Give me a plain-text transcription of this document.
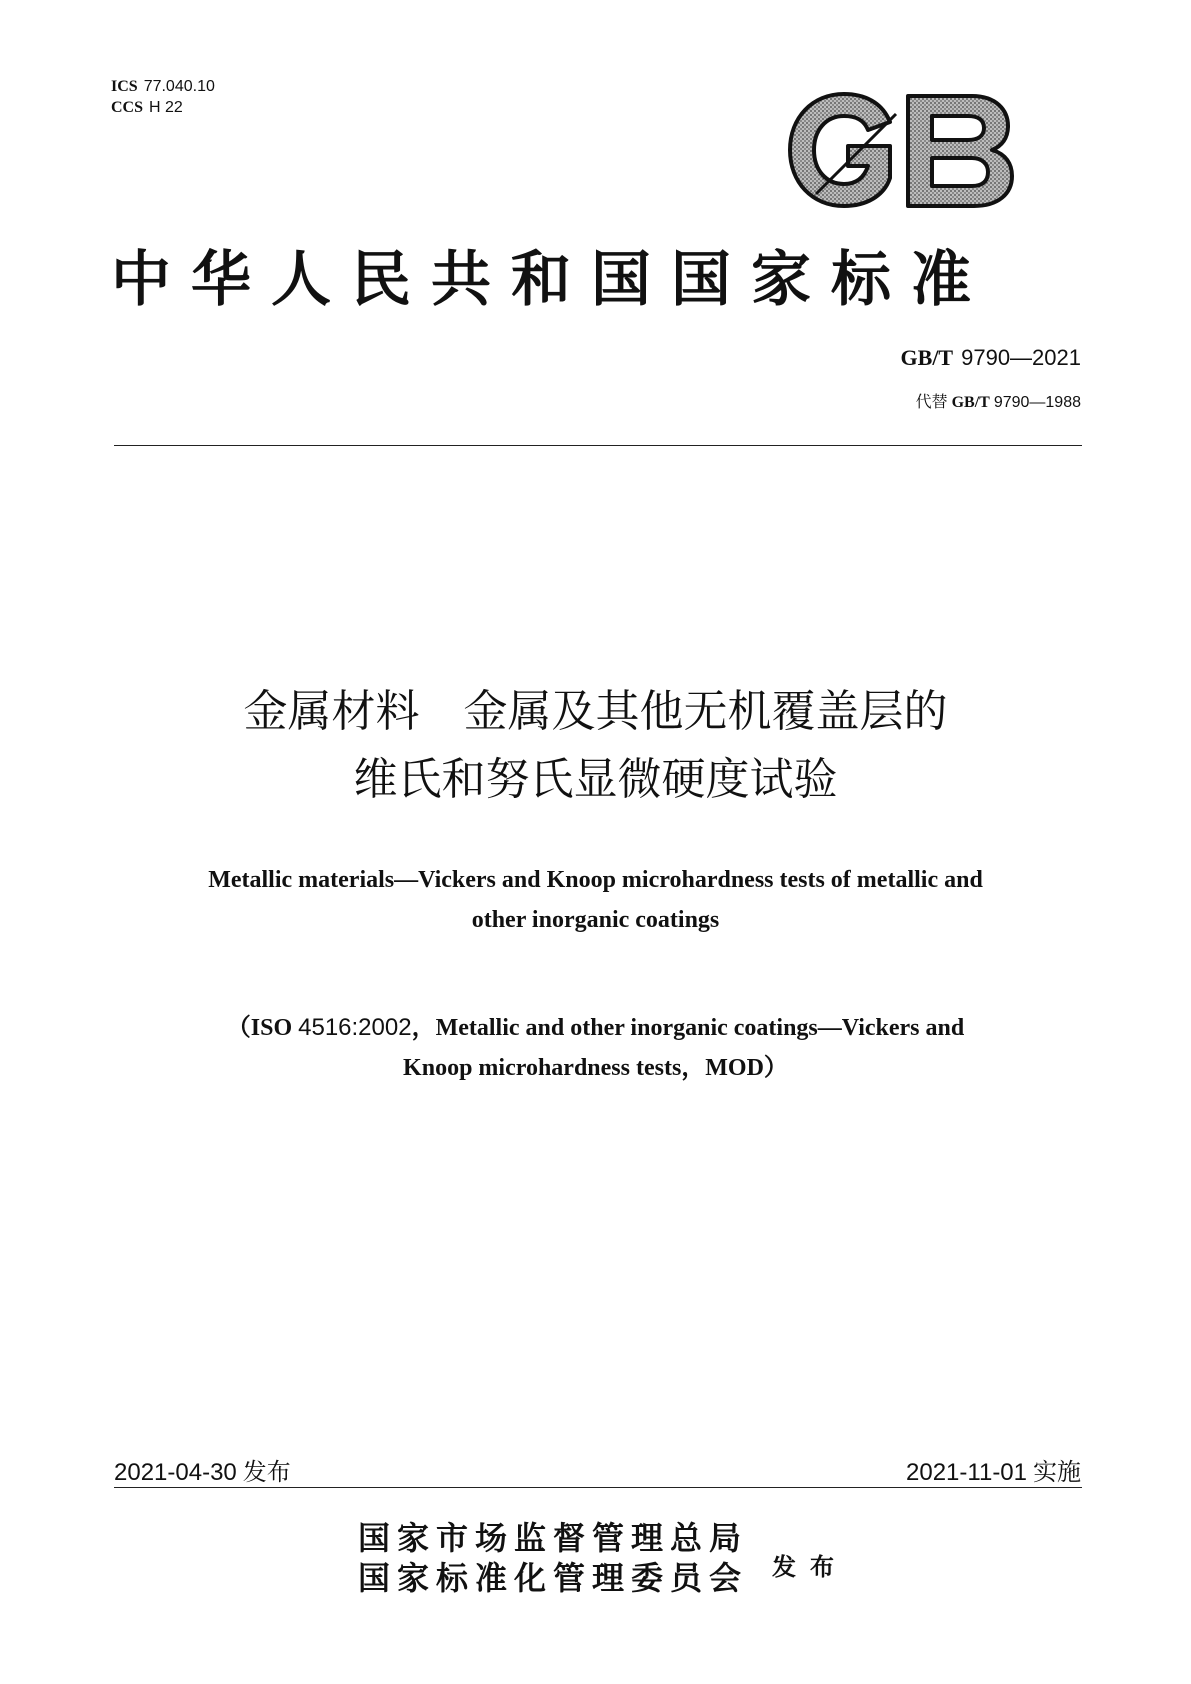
ICS 77.040.10
CCS H 22
中华人民共和国国家标准
GB/T 9790—2021
代替 GB/T 9790—1988
金属材料　金属及其他无机覆盖层的
维氏和努氏显微硬度试验
Metallic materials—Vickers and Knoop microhardness tests of metallic and
other inorganic coatings
（ISO 4516:2002，Metallic and other inorganic coatings—Vickers and
Knoop microhardness tests，MOD）
2021-04-30 发布	2021-11-01 实施
国家市场监督管理总局
国家标准化管理委员会 发布
